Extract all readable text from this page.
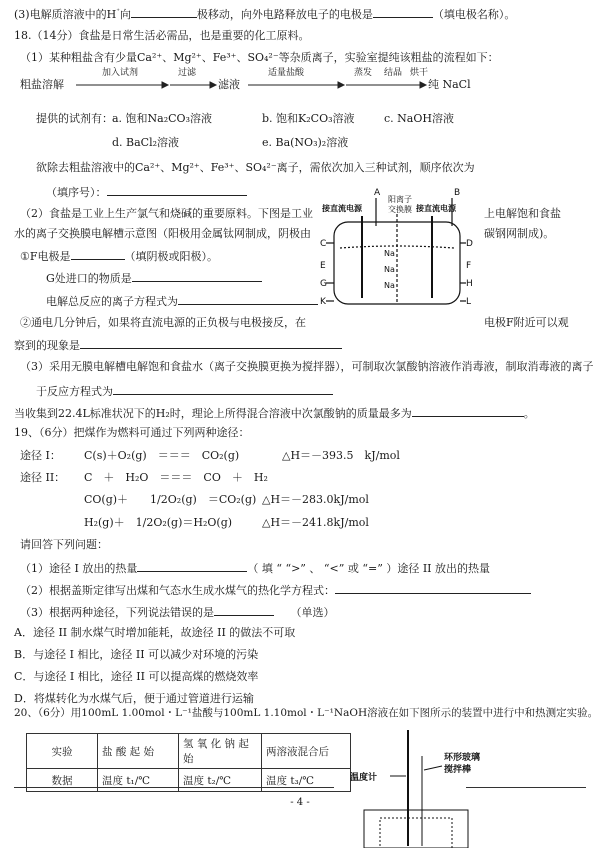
(3)电解质溶液中的H⁺向	极移动，向外电路释放电子的电极是	（填电极名称）。
18.（14分）食盐是日常生活必需品，也是重要的化工原料。
（1）某种粗盐含有少量Ca²⁺、Mg²⁺、Fe³⁺、SO₄²⁻等杂质离子，实验室提纯该粗盐的流程如下：
粗盐溶解
加入试剂	过滤
滤液
适量盐酸	蒸发 结晶 烘干
纯 NaCl
提供的试剂有： a. 饱和Na₂CO₃溶液	b. 饱和K₂CO₃溶液	c. NaOH溶液
d. BaCl₂溶液	e. Ba(NO₃)₂溶液
欲除去粗盐溶液中的Ca²⁺、Mg²⁺、Fe³⁺、SO₄²⁻离子，需依次加入三种试剂，顺序依次为
（填序号）：
（2）食盐是工业上生产氯气和烧碱的重要原料。下图是工业	上电解饱和食盐
水的离子交换膜电解槽示意图（阳极用金属钛网制成，阴极由	碳钢网制成)。
①F电极是	（填阴极或阳极）。
G处进口的物质是
电解总反应的离子方程式为
②通电几分钟后，如果将直流电源的正负极与电极接反，在	电极F附近可以观
察到的现象是
A	B
C	D
E	F
G	H
K	L
接直流电源	接直流电源
阳离子
交换膜
Na
Na
Na
（3）采用无膜电解槽电解饱和食盐水（离子交换膜更换为搅拌器），可制取次氯酸钠溶液作消毒液，制取消毒液的离子
于反应方程式为
当收集到22.4L标准状况下的H₂时，理论上所得混合溶液中次氯酸钠的质量最多为	。
19、（6分）把煤作为燃料可通过下列两种途径：
途径 I： C(s)＋O₂(g)　＝＝＝　CO₂(g)	△H＝－393.5　kJ/mol
途径 II： C　＋　H₂O　＝＝＝　CO　＋　H₂
CO(g)＋　　1/2O₂(g)　＝CO₂(g) △H＝－283.0kJ/mol
H₂(g)＋　1/2O₂(g)＝H₂O(g)	△H＝－241.8kJ/mol
请回答下列问题：
（1）途径 I 放出的热量	（ 填 “ “>” 、 “<” 或 “=” ）途径 II 放出的热量
（2）根据盖斯定律写出煤和气态水生成水煤气的热化学方程式：
（3）根据两种途径，下列说法错误的是　　	（单选）
A．途径 II 制水煤气时增加能耗，故途径 II 的做法不可取
B．与途径 I 相比，途径 II 可以减少对环境的污染
C．与途径 I 相比，途径 II 可以提高煤的燃烧效率
D．将煤转化为水煤气后，便于通过管道进行运输
20、（6分）用100mL 1.00mol・L⁻¹盐酸与100mL 1.10mol・L⁻¹NaOH溶液在如下图所示的装置中进行中和热测定实验。
实验	盐 酸 起 始	氢 氧 化 钠 起 始	两溶液混合后
数据	温度 t₁/℃	温度 t₂/℃	温度 t₃/℃	温度计
环形玻璃
搅拌棒
- 4 -
